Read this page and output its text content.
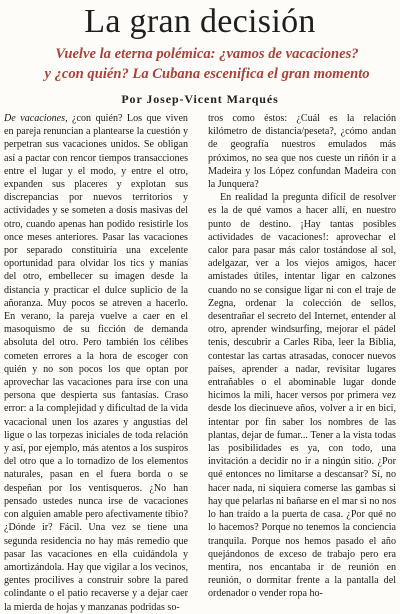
La gran decisión
Vuelve la eterna polémica: ¿vamos de vacaciones?
y ¿con quién? La Cubana escenifica el gran momento
Por Josep-Vicent Marqués

De vacaciones, ¿con quién? Los que viven en pareja renuncian a plantearse la cuestión y perpetran sus vacaciones unidos. Se obligan así a pactar con rencor tiempos transacciones entre el lugar y el modo, y entre el otro, expanden sus placeres y explotan sus discrepancias por nuevos territorios y actividades y se someten a dosis masivas del otro, cuando apenas han podido resistirle los once meses anteriores. Pasar las vacaciones por separado constituiría una excelente oportunidad para olvidar los tics y manías del otro, embellecer su imagen desde la distancia y practicar el dulce suplicio de la añoranza. Muy pocos se atreven a hacerlo. En verano, la pareja vuelve a caer en el masoquismo de su ficción de demanda absoluta del otro. Pero también los célibes cometen errores a la hora de escoger con quién y no son pocos los que optan por aprovechar las vacaciones para irse con una persona que despierta sus fantasías. Craso error: a la complejidad y dificultad de la vida vacacional unen los azares y angustias del ligue o las torpezas iniciales de toda relación y así, por ejemplo, más atentos a los suspiros del otro que a lo tornadizo de los elementos naturales, pasan en el fuera borda o se despeñan por los ventisqueros. ¿No han pensado ustedes nunca irse de vacaciones con alguien amable pero afectivamente tibio? ¿Dónde ir? Fácil. Una vez se tiene una segunda residencia no hay más remedio que pasar las vacaciones en ella cuidándola y amortizándola. Hay que vigilar a los vecinos, gentes procilives a construir sobre la pared colindante o el patio recaverse y a dejar caer la mierda de hojas y manzanas podridas so-

tros como éstos: ¿Cuál es la relación kilómetro de distancia/peseta?, ¿cómo andan de geografía nuestros emulados más próximos, no sea que nos cueste un riñón ir a Madeira y los López confundan Madeira con la Junquera?

En realidad la pregunta difícil de resolver es la de qué vamos a hacer allí, en nuestro punto de destino. ¡Hay tantas posibles actividades de vacaciones!: aprovechar el calor para pasar más calor tostándose al sol, adelgazar, ver a los viejos amigos, hacer amistades útiles, intentar ligar en calzones cuando no se consigue ligar ni con el traje de Zegna, ordenar la colección de sellos, desentrañar el secreto del Internet, entender al otro, aprender windsurfing, mejorar el pádel tenis, descubrir a Carles Riba, leer la Biblia, contestar las cartas atrasadas, conocer nuevos países, aprender a nadar, revisitar lugares entrañables o el abominable lugar donde hicimos la mili, hacer versos por primera vez desde los diecinueve años, volver a ir en bici, intentar por fin saber los nombres de las plantas, dejar de fumar... Tener a la vista todas las posibilidades es ya, con todo, una invitación a decidir no ir a ningún sitio. ¿Por qué entonces no limitarse a descansar? Sí, no hacer nada, ni siquiera comerse las gambas si hay que pelarlas ni bañarse en el mar si no nos lo han traído a la puerta de casa. ¿Por qué no lo hacemos? Porque no tenemos la conciencia tranquila. Porque nos hemos pasado el año quejándonos de exceso de trabajo pero era mentira, nos encantaba ir de reunión en reunión, o dormitar frente a la pantalla del ordenador o vender ropa ho-
